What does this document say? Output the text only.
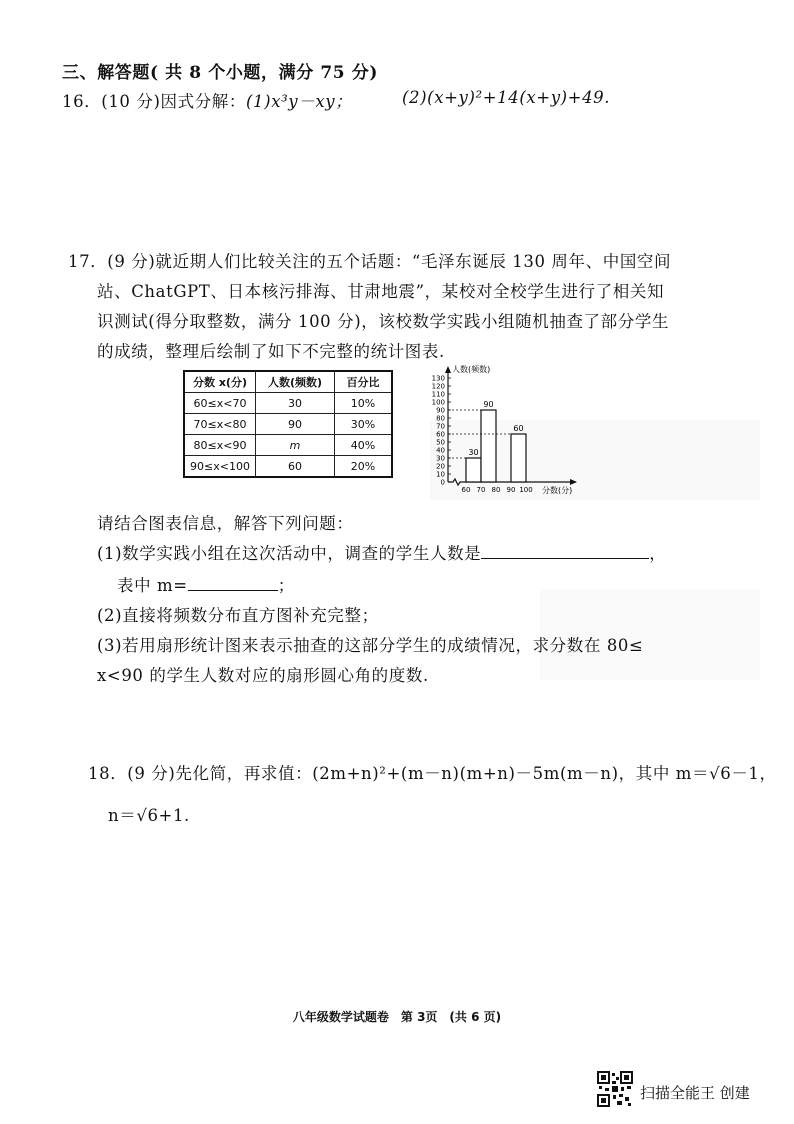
三、解答题( 共 8 个小题，满分 75 分)
16．(10 分)因式分解：(1)x³y－xy；	(2)(x+y)²+14(x+y)+49.
17．(9 分)就近期人们比较关注的五个话题：“毛泽东诞辰 130 周年、中国空间
站、ChatGPT、日本核污排海、甘肃地震”，某校对全校学生进行了相关知
识测试(得分取整数，满分 100 分)，该校数学实践小组随机抽查了部分学生
的成绩，整理后绘制了如下不完整的统计图表.
分数 x(分)	人数(频数)	百分比
60≤x<70	30	10%
70≤x<80	90	30%
80≤x<90	m	40%
90≤x<100	60	20%
0
10
20
30
40
50
60
70
80
90
100
110
120
130
60 70 80 90 100
30
90
60
人数(频数)
分数(分)
请结合图表信息，解答下列问题：
(1)数学实践小组在这次活动中，调查的学生人数是	，
表中 m=	；
(2)直接将频数分布直方图补充完整；
(3)若用扇形统计图来表示抽查的这部分学生的成绩情况，求分数在 80≤
x<90 的学生人数对应的扇形圆心角的度数.
18．(9 分)先化简，再求值：(2m+n)²+(m－n)(m+n)－5m(m－n)，其中 m＝√6－1，
n＝√6+1.
八年级数学试题卷　第 3页　(共 6 页)
扫描全能王 创建
